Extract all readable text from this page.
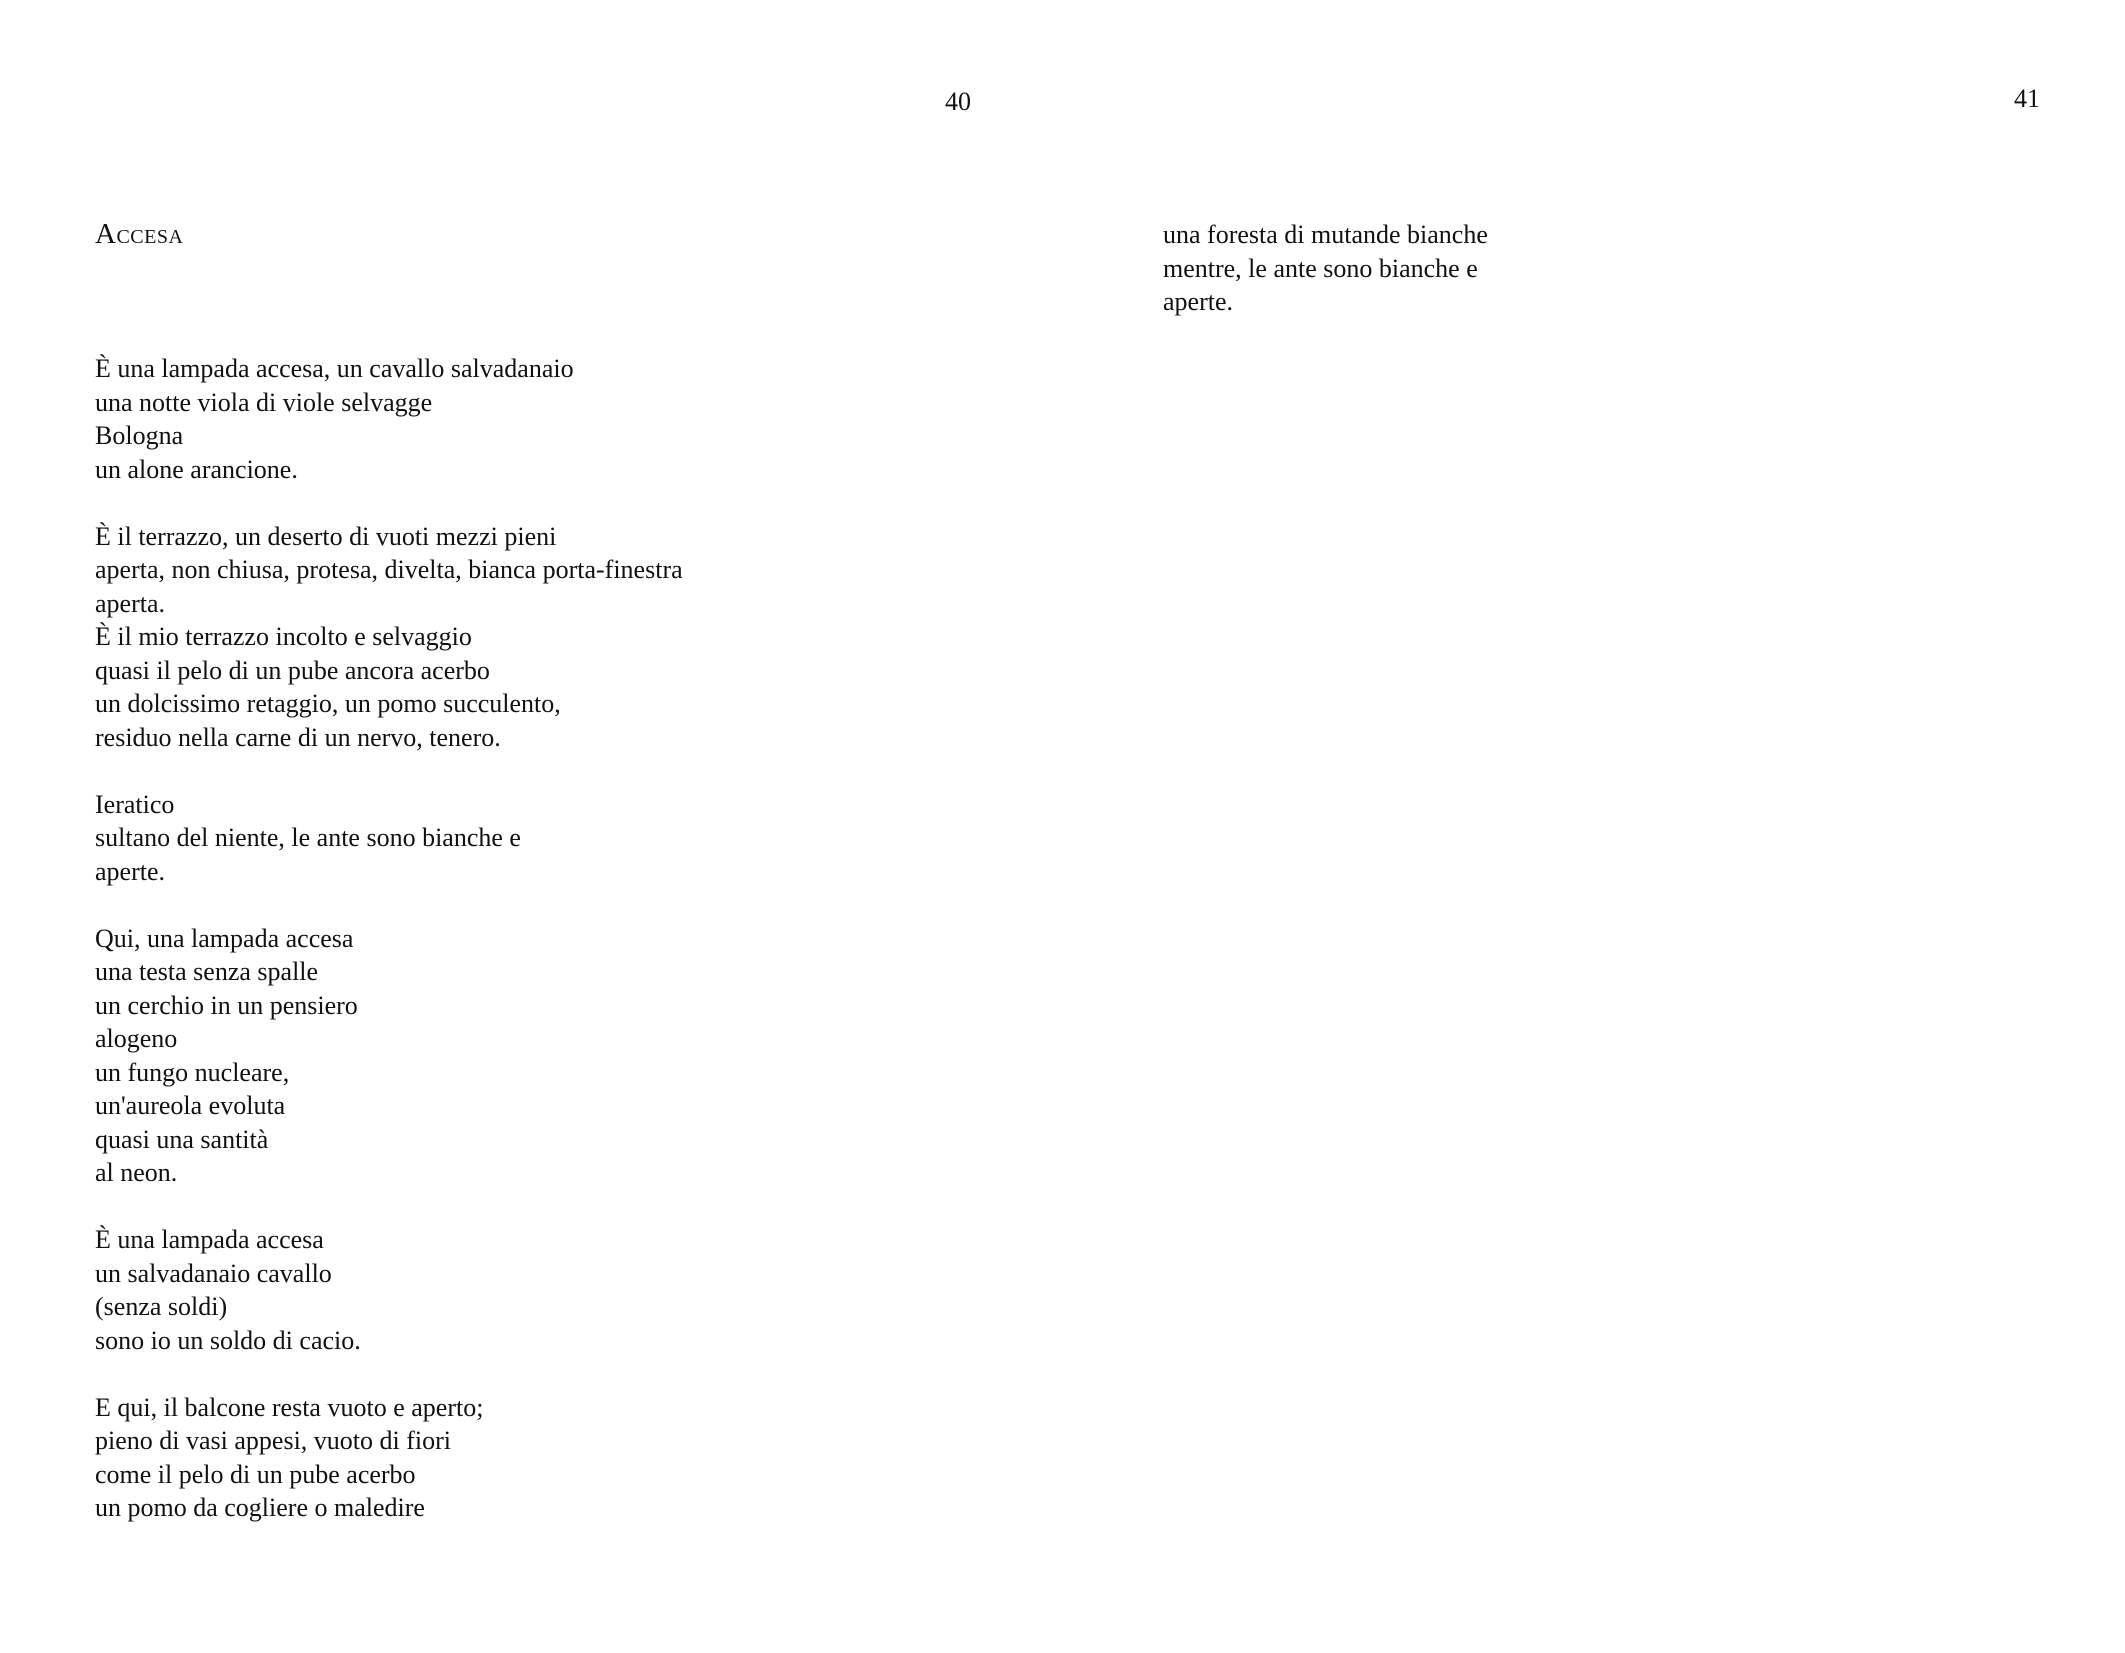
40	41

Accesa
È una lampada accesa, un cavallo salvadanaio
una notte viola di viole selvagge
Bologna
un alone arancione.
È il terrazzo, un deserto di vuoti mezzi pieni
aperta, non chiusa, protesa, divelta, bianca porta-finestra
aperta.
È il mio terrazzo incolto e selvaggio
quasi il pelo di un pube ancora acerbo
un dolcissimo retaggio, un pomo succulento,
residuo nella carne di un nervo, tenero.
Ieratico
sultano del niente, le ante sono bianche e
aperte.
Qui, una lampada accesa
una testa senza spalle
un cerchio in un pensiero
alogeno
un fungo nucleare,
un'aureola evoluta
quasi una santità
al neon.
È una lampada accesa
un salvadanaio cavallo
(senza soldi)
sono io un soldo di cacio.
E qui, il balcone resta vuoto e aperto;
pieno di vasi appesi, vuoto di fiori
come il pelo di un pube acerbo
un pomo da cogliere o maledire
una foresta di mutande bianche
mentre, le ante sono bianche e
aperte.
